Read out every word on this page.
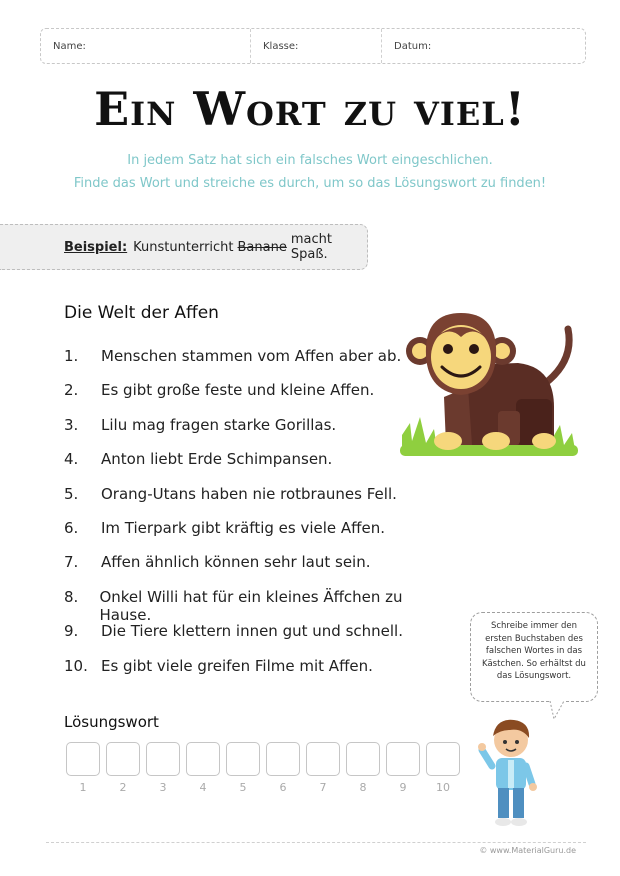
Name:	Klasse:	Datum:
Ein Wort zu viel!
In jedem Satz hat sich ein falsches Wort eingeschlichen.
Finde das Wort und streiche es durch, um so das Lösungswort zu finden!
Beispiel: Kunstunterricht Banane macht Spaß.
Die Welt der Affen
1.	Menschen stammen vom Affen aber ab.
2.	Es gibt große feste und kleine Affen.
3.	Lilu mag fragen starke Gorillas.
4.	Anton liebt Erde Schimpansen.
5.	Orang-Utans haben nie rotbraunes Fell.
6.	Im Tierpark gibt kräftig es viele Affen.
7.	Affen ähnlich können sehr laut sein.
8.	Onkel Willi hat für ein kleines Äffchen zu Hause.
9.	Die Tiere klettern innen gut und schnell.
10. Es gibt viele greifen Filme mit Affen.
Schreibe immer den
ersten Buchstaben des
falschen Wortes in das
Kästchen. So erhältst du
das Lösungswort.
Lösungswort
1	2	3	4	5	6	7	8	9	10
© www.MaterialGuru.de
